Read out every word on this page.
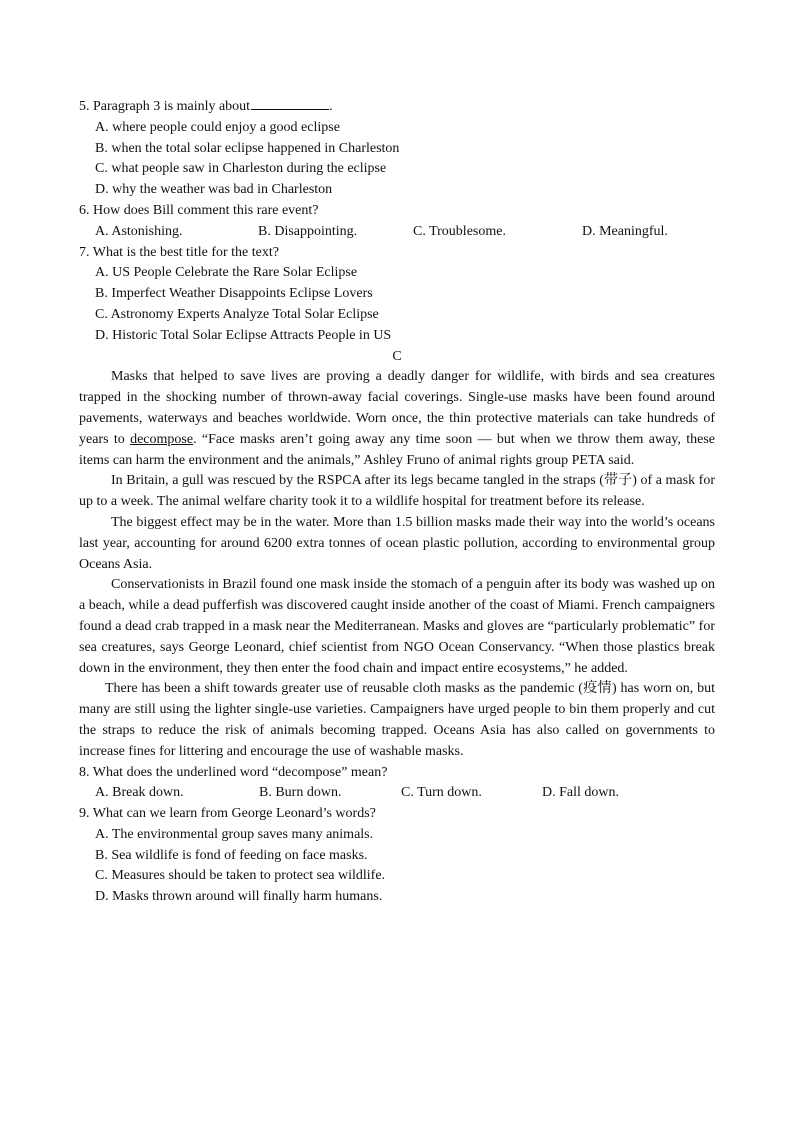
5. Paragraph 3 is mainly about	.

A. where people could enjoy a good eclipse

B. when the total solar eclipse happened in Charleston

C. what people saw in Charleston during the eclipse

D. why the weather was bad in Charleston

6. How does Bill comment this rare event?

A. Astonishing.	B. Disappointing.	C. Troublesome.	D. Meaningful.

7. What is the best title for the text?

A. US People Celebrate the Rare Solar Eclipse

B. Imperfect Weather Disappoints Eclipse Lovers

C. Astronomy Experts Analyze Total Solar Eclipse

D. Historic Total Solar Eclipse Attracts People in US

C

Masks that helped to save lives are proving a deadly danger for wildlife, with birds and sea creatures trapped in the shocking number of thrown-away facial coverings. Single-use masks have been found around pavements, waterways and beaches worldwide. Worn once, the thin protective materials can take hundreds of years to decompose. “Face masks aren’t going away any time soon — but when we throw them away, these items can harm the environment and the animals,” Ashley Fruno of animal rights group PETA said.

In Britain, a gull was rescued by the RSPCA after its legs became tangled in the straps (带子) of a mask for up to a week. The animal welfare charity took it to a wildlife hospital for treatment before its release.

The biggest effect may be in the water. More than 1.5 billion masks made their way into the world’s oceans last year, accounting for around 6200 extra tonnes of ocean plastic pollution, according to environmental group Oceans Asia.

Conservationists in Brazil found one mask inside the stomach of a penguin after its body was washed up on a beach, while a dead pufferfish was discovered caught inside another of the coast of Miami. French campaigners found a dead crab trapped in a mask near the Mediterranean. Masks and gloves are “particularly problematic” for sea creatures, says George Leonard, chief scientist from NGO Ocean Conservancy. “When those plastics break down in the environment, they then enter the food chain and impact entire ecosystems,” he added.

There has been a shift towards greater use of reusable cloth masks as the pandemic (疫情) has worn on, but many are still using the lighter single-use varieties. Campaigners have urged people to bin them properly and cut the straps to reduce the risk of animals becoming trapped. Oceans Asia has also called on governments to increase fines for littering and encourage the use of washable masks.

8. What does the underlined word “decompose” mean?

A. Break down.	B. Burn down.	C. Turn down.	D. Fall down.

9. What can we learn from George Leonard’s words?

A. The environmental group saves many animals.

B. Sea wildlife is fond of feeding on face masks.

C. Measures should be taken to protect sea wildlife.

D. Masks thrown around will finally harm humans.
